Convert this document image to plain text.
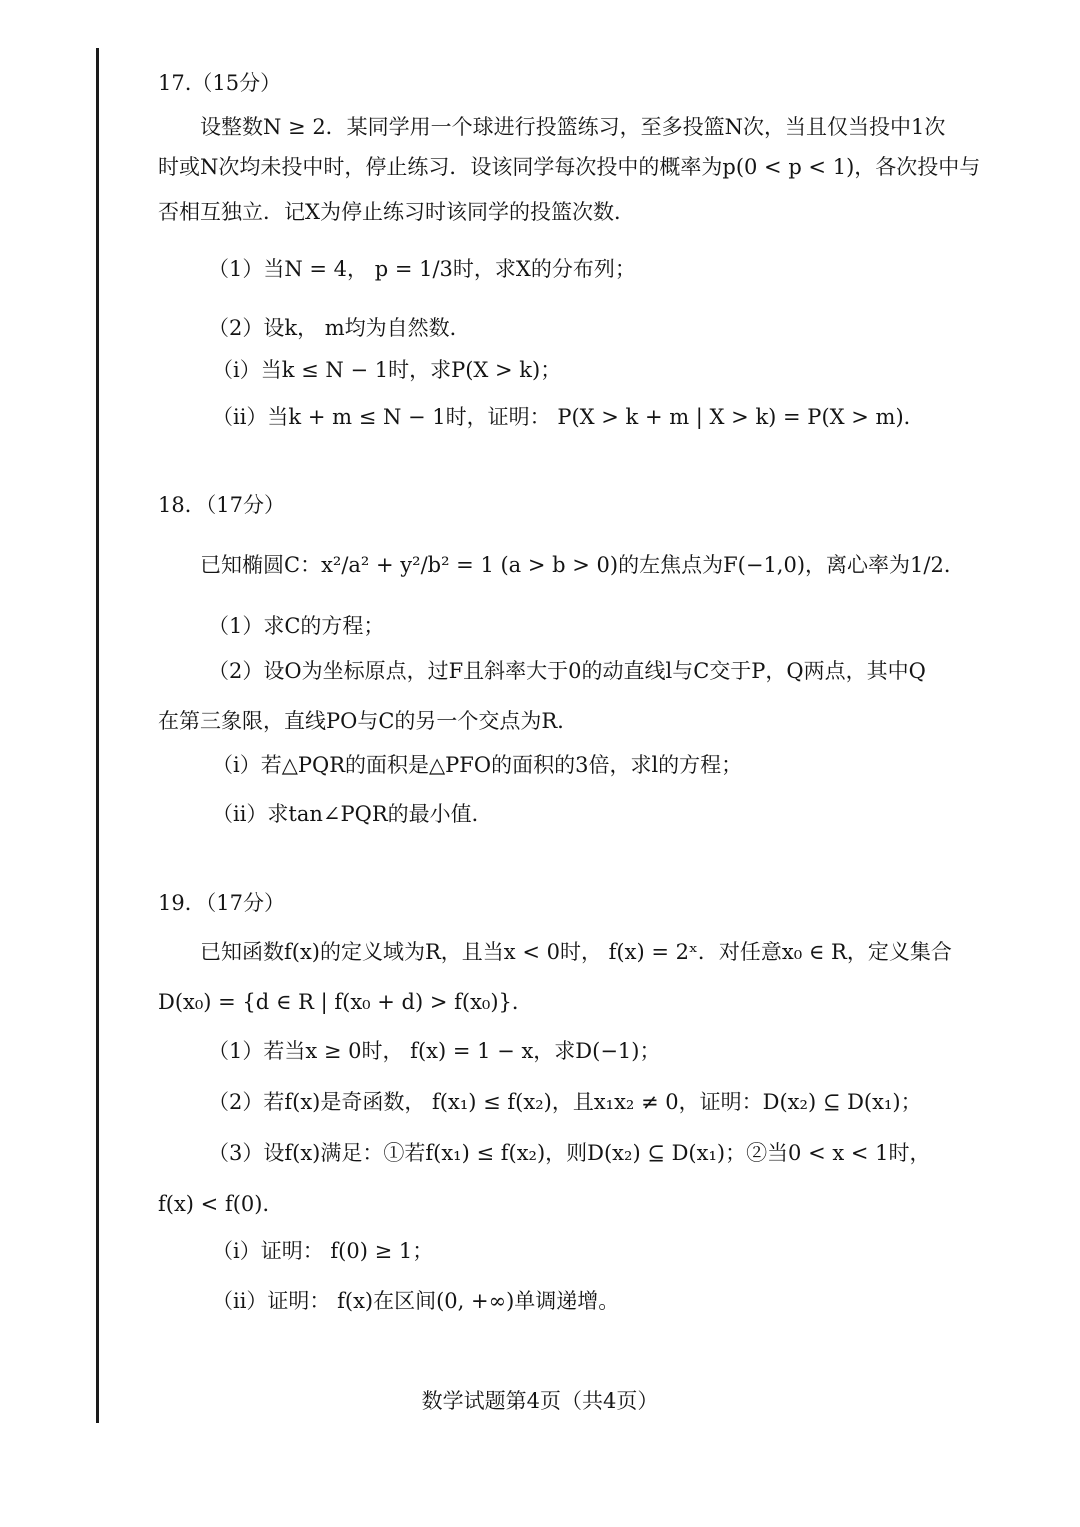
17.（15分）
设整数N ≥ 2．某同学用一个球进行投篮练习，至多投篮N次，当且仅当投中1次
时或N次均未投中时，停止练习．设该同学每次投中的概率为p(0 < p < 1)，各次投中与
否相互独立．记X为停止练习时该同学的投篮次数．
（1）当N = 4， p = 1/3时，求X的分布列；
（2）设k， m均为自然数．
（ⅰ）当k ≤ N − 1时，求P(X > k)；
（ⅱ）当k + m ≤ N − 1时，证明： P(X > k + m | X > k) = P(X > m)．
18．（17分）
已知椭圆C：x²/a² + y²/b² = 1 (a > b > 0)的左焦点为F(−1,0)，离心率为1/2．
（1）求C的方程；
（2）设O为坐标原点，过F且斜率大于0的动直线l与C交于P，Q两点，其中Q
在第三象限，直线PO与C的另一个交点为R．
（ⅰ）若△PQR的面积是△PFO的面积的3倍，求l的方程；
（ⅱ）求tan∠PQR的最小值．
19．（17分）
已知函数f(x)的定义域为R，且当x < 0时， f(x) = 2ˣ．对任意x₀ ∈ R，定义集合
D(x₀) = {d ∈ R | f(x₀ + d) > f(x₀)}．
（1）若当x ≥ 0时， f(x) = 1 − x，求D(−1)；
（2）若f(x)是奇函数， f(x₁) ≤ f(x₂)，且x₁x₂ ≠ 0，证明：D(x₂) ⊆ D(x₁)；
（3）设f(x)满足：①若f(x₁) ≤ f(x₂)，则D(x₂) ⊆ D(x₁)；②当0 < x < 1时，
f(x) < f(0)．
（ⅰ）证明： f(0) ≥ 1；
（ⅱ）证明： f(x)在区间(0, +∞)单调递增。
数学试题第4页（共4页）
